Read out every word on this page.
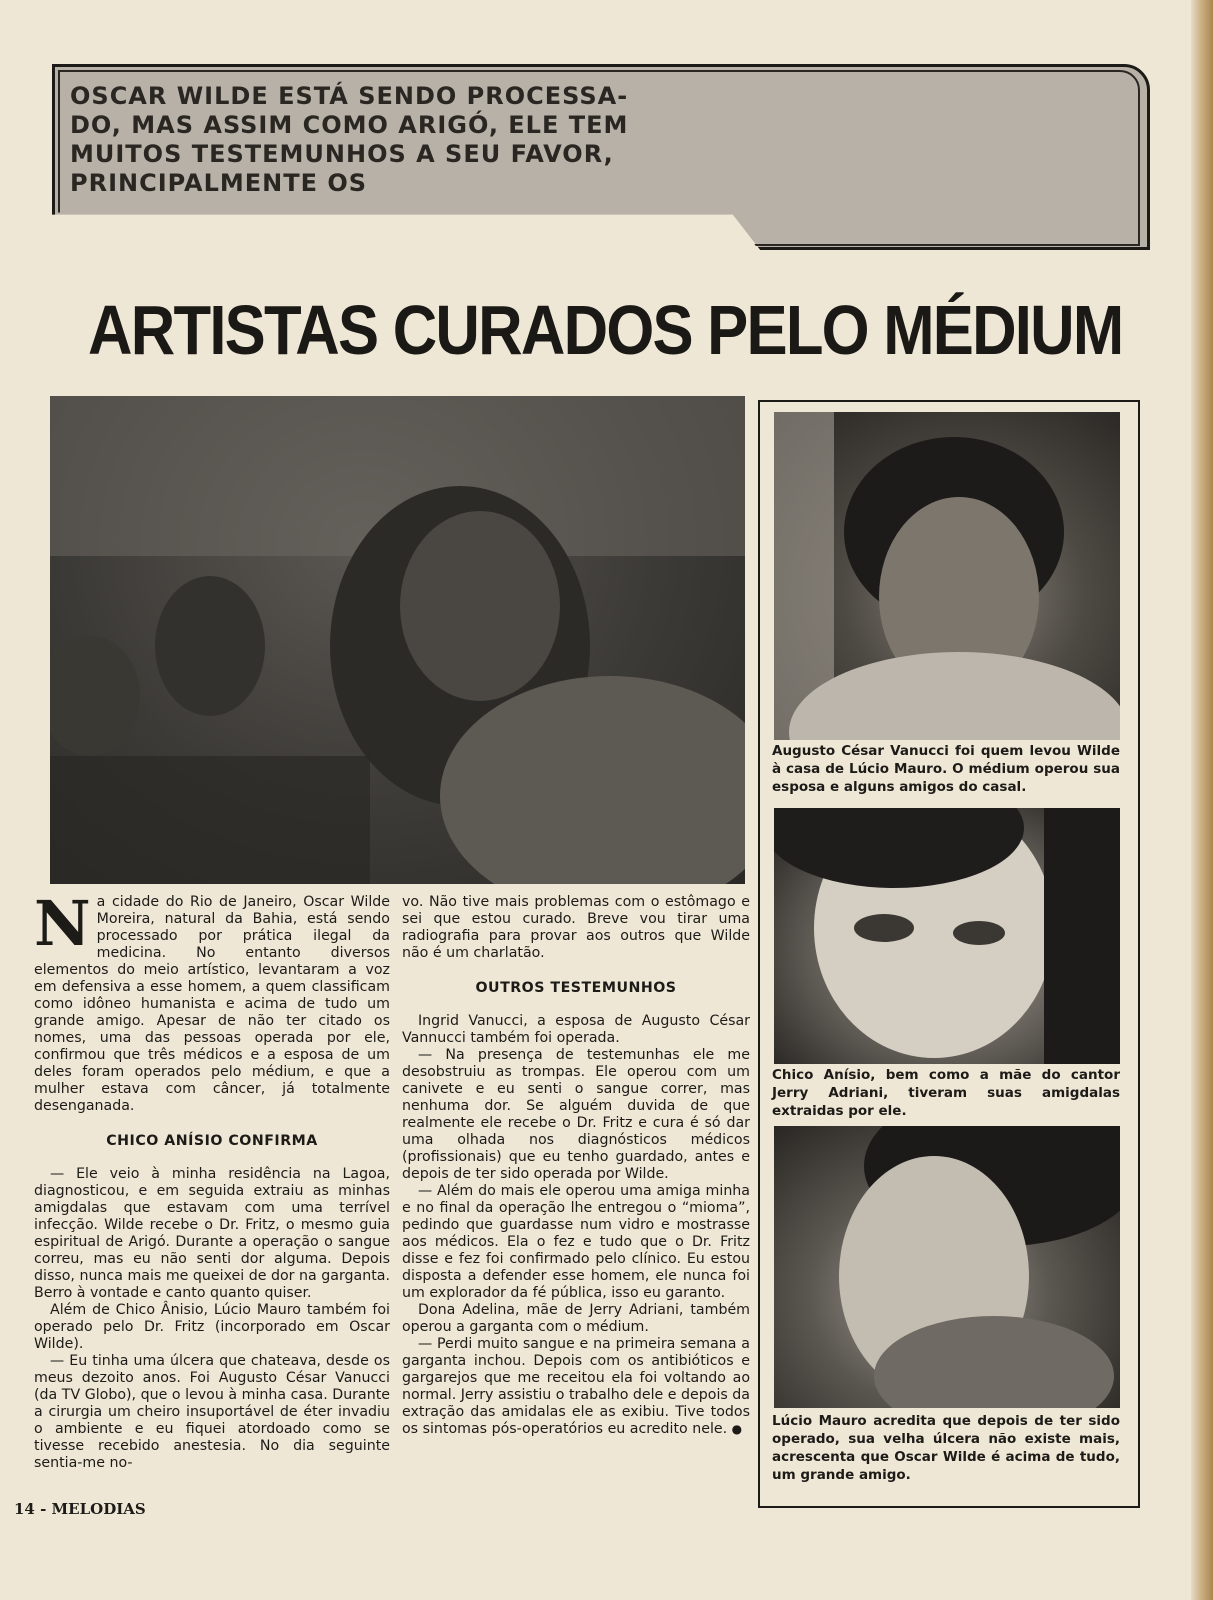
OSCAR WILDE ESTÁ SENDO PROCESSA-DO, MAS ASSIM COMO ARIGÓ, ELE TEM MUITOS TESTEMUNHOS A SEU FAVOR, PRINCIPALMENTE OS

ARTISTAS CURADOS PELO MÉDIUM

Augusto César Vanucci foi quem levou Wilde à casa de Lúcio Mauro. O médium operou sua esposa e alguns amigos do casal.

Chico Anísio, bem como a mãe do cantor Jerry Adriani, tiveram suas amigdalas extraidas por ele.

Lúcio Mauro acredita que depois de ter sido operado, sua velha úlcera não existe mais, acrescenta que Oscar Wilde é acima de tudo, um grande amigo.

Na cidade do Rio de Janeiro, Oscar Wilde Moreira, natural da Bahia, está sendo processado por prática ilegal da medicina. No entanto diversos elementos do meio artístico, levantaram a voz em defensiva a esse homem, a quem classificam como idôneo humanista e acima de tudo um grande amigo. Apesar de não ter citado os nomes, uma das pessoas operada por ele, confirmou que três médicos e a esposa de um deles foram operados pelo médium, e que a mulher estava com câncer, já totalmente desenganada.

CHICO ANÍSIO CONFIRMA

— Ele veio à minha residência na Lagoa, diagnosticou, e em seguida extraiu as minhas amigdalas que estavam com uma terrível infecção. Wilde recebe o Dr. Fritz, o mesmo guia espiritual de Arigó. Durante a operação o sangue correu, mas eu não senti dor alguma. Depois disso, nunca mais me queixei de dor na garganta. Berro à vontade e canto quanto quiser.

Além de Chico Ânisio, Lúcio Mauro também foi operado pelo Dr. Fritz (incorporado em Oscar Wilde).

— Eu tinha uma úlcera que chateava, desde os meus dezoito anos. Foi Augusto César Vanucci (da TV Globo), que o levou à minha casa. Durante a cirurgia um cheiro insuportável de éter invadiu o ambiente e eu fiquei atordoado como se tivesse recebido anestesia. No dia seguinte sentia-me no-

vo. Não tive mais problemas com o estômago e sei que estou curado. Breve vou tirar uma radiografia para provar aos outros que Wilde não é um charlatão.

OUTROS TESTEMUNHOS

Ingrid Vanucci, a esposa de Augusto César Vannucci também foi operada.

— Na presença de testemunhas ele me desobstruiu as trompas. Ele operou com um canivete e eu senti o sangue correr, mas nenhuma dor. Se alguém duvida de que realmente ele recebe o Dr. Fritz e cura é só dar uma olhada nos diagnósticos médicos (profissionais) que eu tenho guardado, antes e depois de ter sido operada por Wilde.

— Além do mais ele operou uma amiga minha e no final da operação lhe entregou o “mioma”, pedindo que guardasse num vidro e mostrasse aos médicos. Ela o fez e tudo que o Dr. Fritz disse e fez foi confirmado pelo clínico. Eu estou disposta a defender esse homem, ele nunca foi um explorador da fé pública, isso eu garanto.

Dona Adelina, mãe de Jerry Adriani, também operou a garganta com o médium.

— Perdi muito sangue e na primeira semana a garganta inchou. Depois com os antibióticos e gargarejos que me receitou ela foi voltando ao normal. Jerry assistiu o trabalho dele e depois da extração das amidalas ele as exibiu. Tive todos os sintomas pós-operatórios eu acredito nele. ●

14 - MELODIAS
